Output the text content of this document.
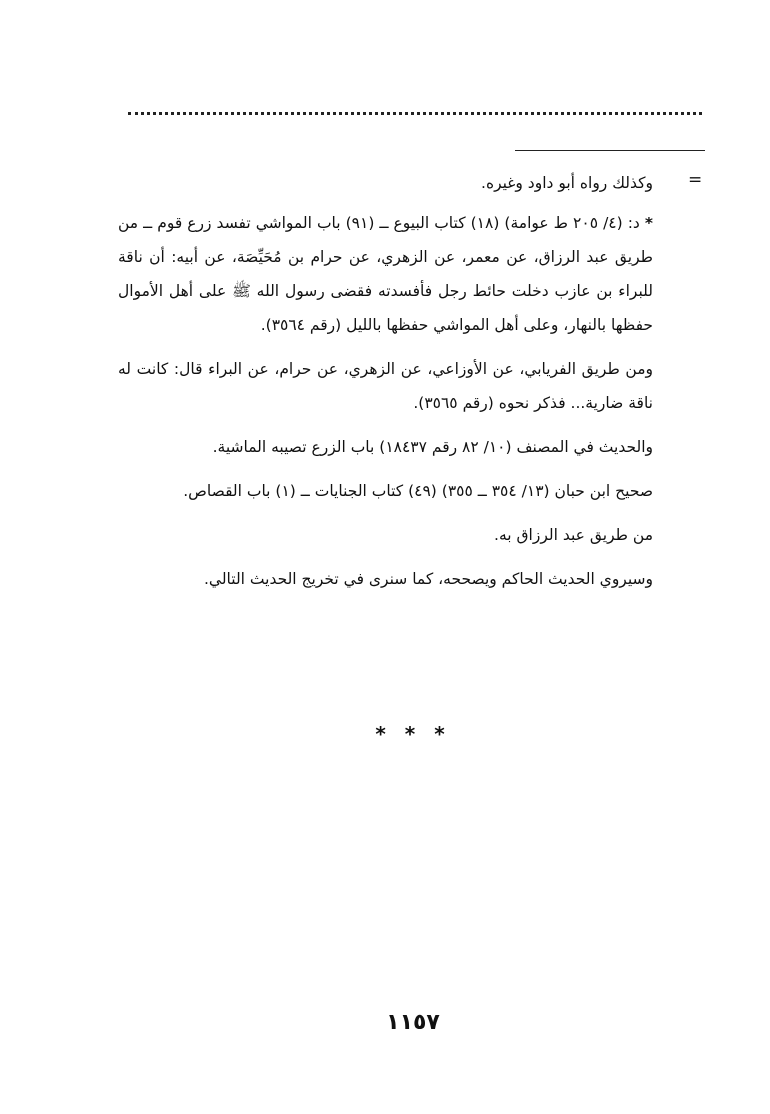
=

وكذلك رواه أبو داود وغيره.

* د: (٤/ ٢٠٥ ط عوامة) (١٨) كتاب البيوع ــ (٩١) باب المواشي تفسد زرع قوم ــ من طريق عبد الرزاق، عن معمر، عن الزهري، عن حرام بن مُحَيِّصَة، عن أبيه: أن ناقة للبراء بن عازب دخلت حائط رجل فأفسدته فقضى رسول الله ﷺ على أهل الأموال حفظها بالنهار، وعلى أهل المواشي حفظها بالليل (رقم ٣٥٦٤).

ومن طريق الفريابي، عن الأوزاعي، عن الزهري، عن حرام، عن البراء قال: كانت له ناقة ضارية... فذكر نحوه (رقم ٣٥٦٥).

والحديث في المصنف (١٠/ ٨٢ رقم ١٨٤٣٧) باب الزرع تصيبه الماشية.

صحيح ابن حبان (١٣/ ٣٥٤ ــ ٣٥٥) (٤٩) كتاب الجنايات ــ (١) باب القصاص.

من طريق عبد الرزاق به.

وسيروي الحديث الحاكم ويصححه، كما سنرى في تخريج الحديث التالي.

* * *
١١٥٧
